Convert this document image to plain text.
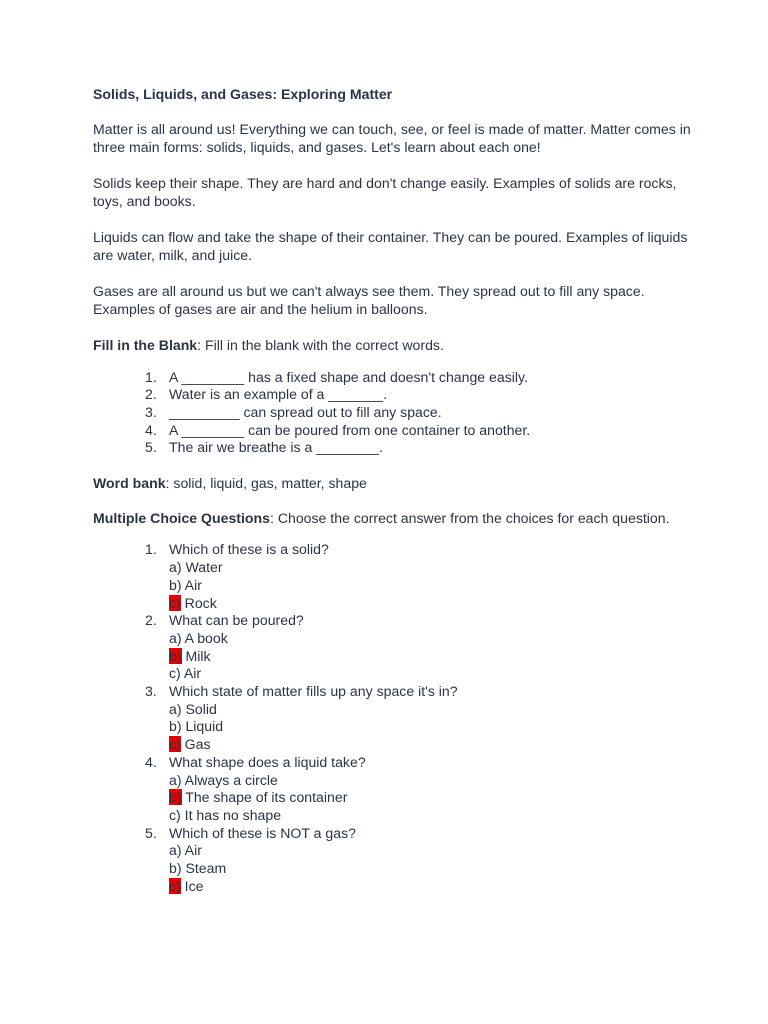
Solids, Liquids, and Gases: Exploring Matter

Matter is all around us! Everything we can touch, see, or feel is made of matter. Matter comes in three main forms: solids, liquids, and gases. Let's learn about each one!

Solids keep their shape. They are hard and don't change easily. Examples of solids are rocks, toys, and books.

Liquids can flow and take the shape of their container. They can be poured. Examples of liquids are water, milk, and juice.

Gases are all around us but we can't always see them. They spread out to fill any space. Examples of gases are air and the helium in balloons.

Fill in the Blank: Fill in the blank with the correct words.

1. A ________ has a fixed shape and doesn't change easily.
2. Water is an example of a _______.
3. _________ can spread out to fill any space.
4. A ________ can be poured from one container to another.
5. The air we breathe is a ________.

Word bank: solid, liquid, gas, matter, shape

Multiple Choice Questions: Choose the correct answer from the choices for each question.

1. Which of these is a solid?
a) Water
b) Air
c) Rock
2. What can be poured?
a) A book
b) Milk
c) Air
3. Which state of matter fills up any space it's in?
a) Solid
b) Liquid
c) Gas
4. What shape does a liquid take?
a) Always a circle
b) The shape of its container
c) It has no shape
5. Which of these is NOT a gas?
a) Air
b) Steam
c) Ice
